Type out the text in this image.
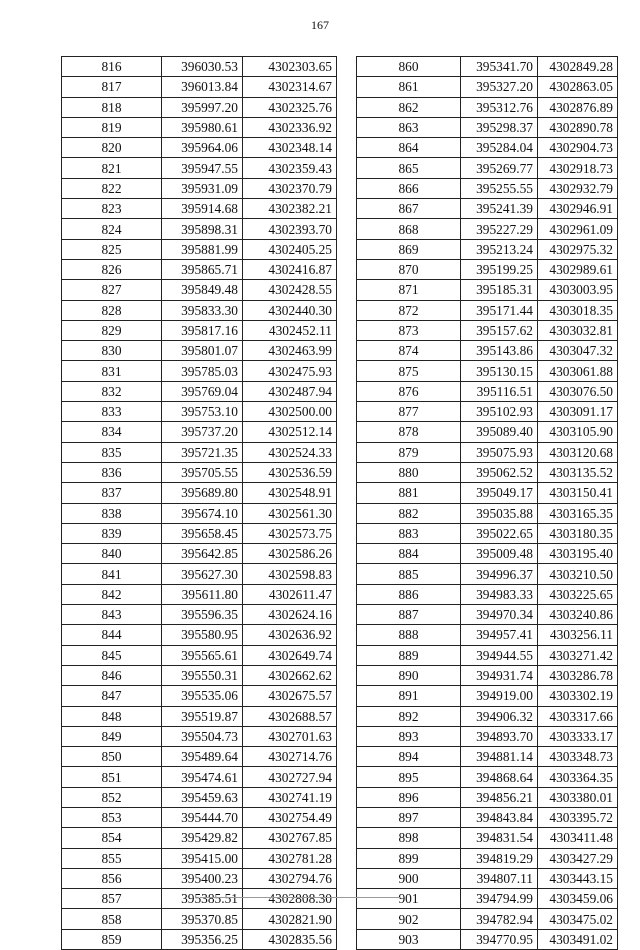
167
816	396030.53	4302303.65
817	396013.84	4302314.67
818	395997.20	4302325.76
819	395980.61	4302336.92
820	395964.06	4302348.14
821	395947.55	4302359.43
822	395931.09	4302370.79
823	395914.68	4302382.21
824	395898.31	4302393.70
825	395881.99	4302405.25
826	395865.71	4302416.87
827	395849.48	4302428.55
828	395833.30	4302440.30
829	395817.16	4302452.11
830	395801.07	4302463.99
831	395785.03	4302475.93
832	395769.04	4302487.94
833	395753.10	4302500.00
834	395737.20	4302512.14
835	395721.35	4302524.33
836	395705.55	4302536.59
837	395689.80	4302548.91
838	395674.10	4302561.30
839	395658.45	4302573.75
840	395642.85	4302586.26
841	395627.30	4302598.83
842	395611.80	4302611.47
843	395596.35	4302624.16
844	395580.95	4302636.92
845	395565.61	4302649.74
846	395550.31	4302662.62
847	395535.06	4302675.57
848	395519.87	4302688.57
849	395504.73	4302701.63
850	395489.64	4302714.76
851	395474.61	4302727.94
852	395459.63	4302741.19
853	395444.70	4302754.49
854	395429.82	4302767.85
855	395415.00	4302781.28
856	395400.23	4302794.76
857	395385.51	4302808.30
858	395370.85	4302821.90
859	395356.25	4302835.56
860	395341.70	4302849.28
861	395327.20	4302863.05
862	395312.76	4302876.89
863	395298.37	4302890.78
864	395284.04	4302904.73
865	395269.77	4302918.73
866	395255.55	4302932.79
867	395241.39	4302946.91
868	395227.29	4302961.09
869	395213.24	4302975.32
870	395199.25	4302989.61
871	395185.31	4303003.95
872	395171.44	4303018.35
873	395157.62	4303032.81
874	395143.86	4303047.32
875	395130.15	4303061.88
876	395116.51	4303076.50
877	395102.93	4303091.17
878	395089.40	4303105.90
879	395075.93	4303120.68
880	395062.52	4303135.52
881	395049.17	4303150.41
882	395035.88	4303165.35
883	395022.65	4303180.35
884	395009.48	4303195.40
885	394996.37	4303210.50
886	394983.33	4303225.65
887	394970.34	4303240.86
888	394957.41	4303256.11
889	394944.55	4303271.42
890	394931.74	4303286.78
891	394919.00	4303302.19
892	394906.32	4303317.66
893	394893.70	4303333.17
894	394881.14	4303348.73
895	394868.64	4303364.35
896	394856.21	4303380.01
897	394843.84	4303395.72
898	394831.54	4303411.48
899	394819.29	4303427.29
900	394807.11	4303443.15
901	394794.99	4303459.06
902	394782.94	4303475.02
903	394770.95	4303491.02
